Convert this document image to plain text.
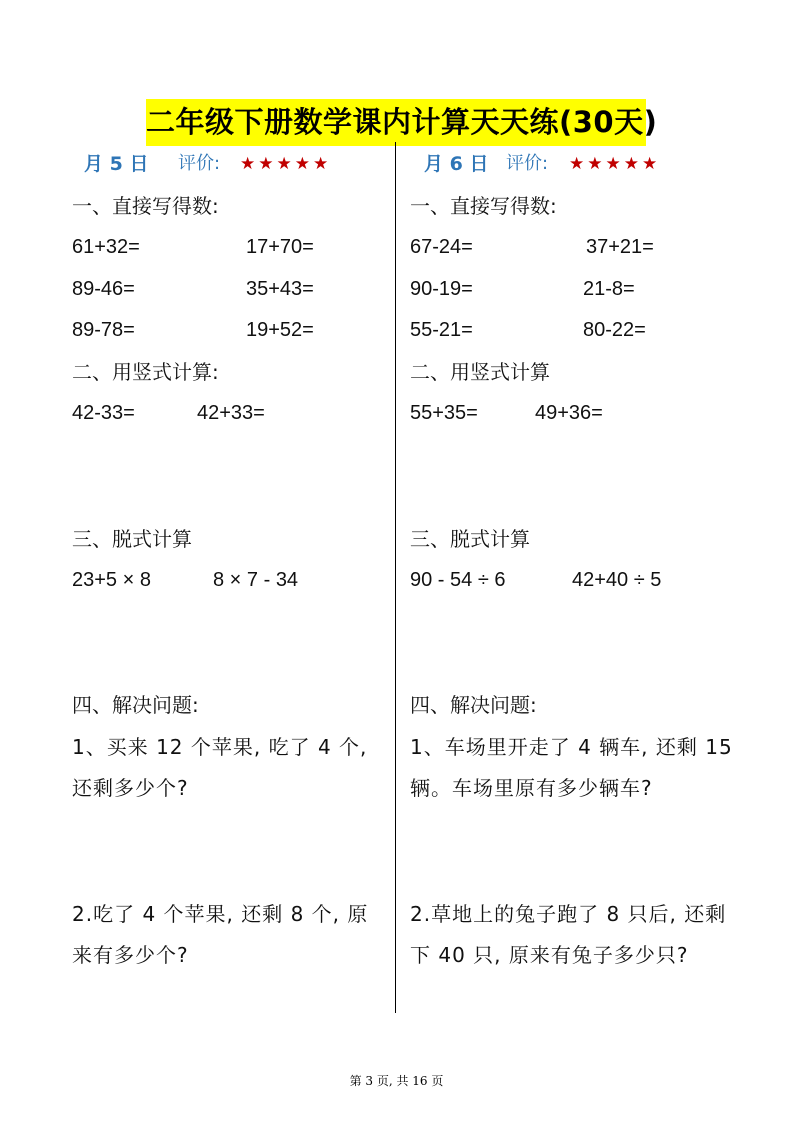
二年级下册数学课内计算天天练(30天)
月 5 日 评价: ★★★★★
一、直接写得数:
61+32=	17+70=
89-46=	35+43=
89-78=	19+52=
二、用竖式计算:
42-33=	42+33=
三、脱式计算
23+5 × 8	8 × 7 - 34
四、解决问题:
1、买来 12 个苹果, 吃了 4 个,
还剩多少个?
2.吃了 4 个苹果, 还剩 8 个, 原
来有多少个?
月 6 日 评价: ★★★★★
一、直接写得数:
67-24=	37+21=
90-19=	21-8=
55-21=	80-22=
二、用竖式计算
55+35=	49+36=
三、脱式计算
90 - 54 ÷ 6	42+40 ÷ 5
四、解决问题:
1、车场里开走了 4 辆车, 还剩 15
辆。车场里原有多少辆车?
2.草地上的兔子跑了 8 只后, 还剩
下 40 只, 原来有兔子多少只?
第 3 页, 共 16 页
